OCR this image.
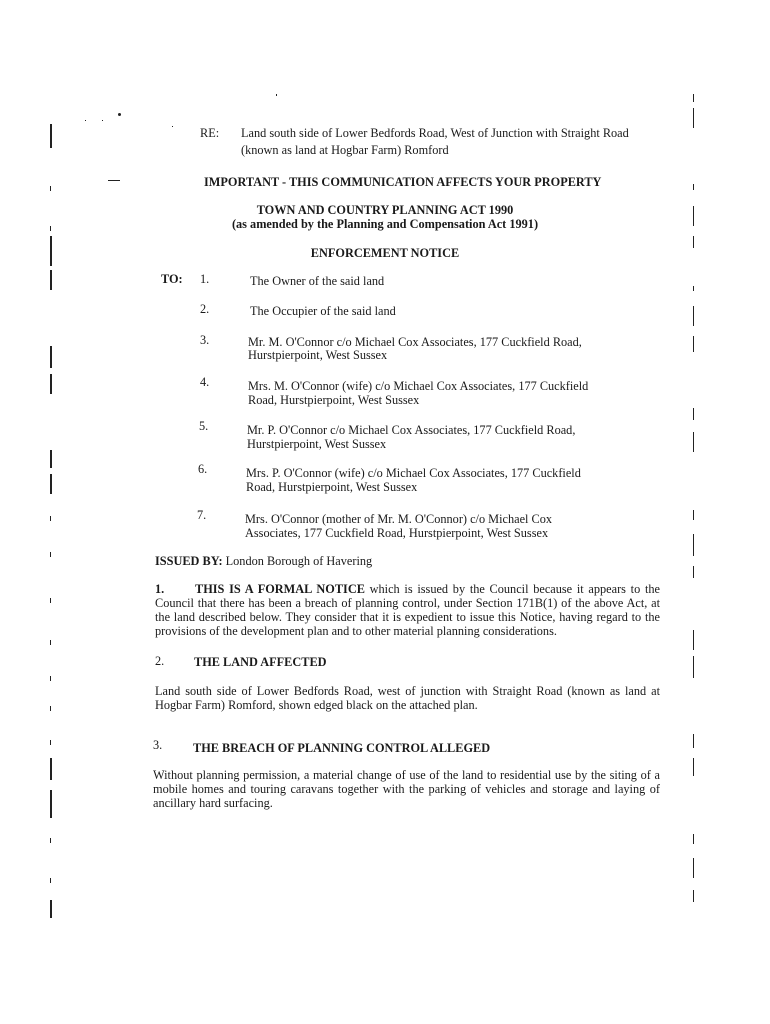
RE: Land south side of Lower Bedfords Road, West of Junction with Straight Road
(known as land at Hogbar Farm) Romford
IMPORTANT - THIS COMMUNICATION AFFECTS YOUR PROPERTY
TOWN AND COUNTRY PLANNING ACT 1990
(as amended by the Planning and Compensation Act 1991)
ENFORCEMENT NOTICE
TO: 1.	The Owner of the said land
2.	The Occupier of the said land
3.	Mr. M. O'Connor c/o Michael Cox Associates, 177 Cuckfield Road,
Hurstpierpoint, West Sussex
4.	Mrs. M. O'Connor (wife) c/o Michael Cox Associates, 177 Cuckfield
Road, Hurstpierpoint, West Sussex
5.	Mr. P. O'Connor c/o Michael Cox Associates, 177 Cuckfield Road,
Hurstpierpoint, West Sussex
6.	Mrs. P. O'Connor (wife) c/o Michael Cox Associates, 177 Cuckfield
Road, Hurstpierpoint, West Sussex
7.	Mrs. O'Connor (mother of Mr. M. O'Connor) c/o Michael Cox
Associates, 177 Cuckfield Road, Hurstpierpoint, West Sussex
ISSUED BY: London Borough of Havering
1.	THIS IS A FORMAL NOTICE which is issued by the Council because it appears to the Council that there has been a breach of planning control, under Section 171B(1) of the above Act, at the land described below. They consider that it is expedient to issue this Notice, having regard to the provisions of the development plan and to other material planning considerations.
2. THE LAND AFFECTED
Land south side of Lower Bedfords Road, west of junction with Straight Road (known as land at Hogbar Farm) Romford, shown edged black on the attached plan.
3.	THE BREACH OF PLANNING CONTROL ALLEGED
Without planning permission, a material change of use of the land to residential use by the siting of a mobile homes and touring caravans together with the parking of vehicles and storage and laying of ancillary hard surfacing.
